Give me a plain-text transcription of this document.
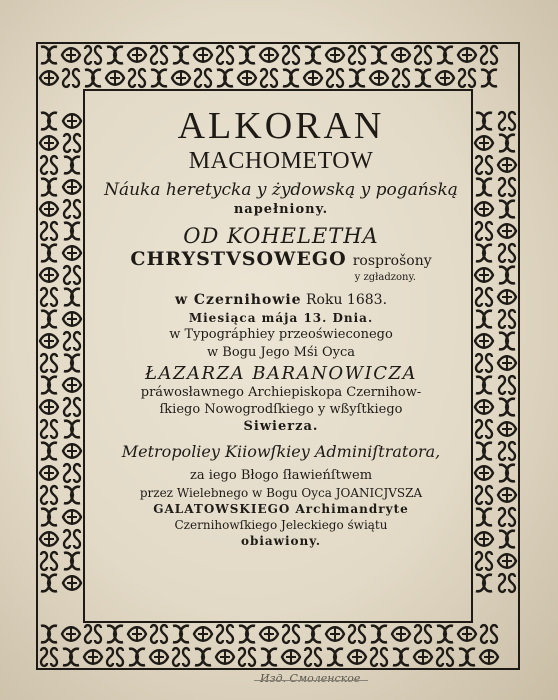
ALKORAN
MACHOMETOW
Náuka heretycka y żydowską y pogańską
napełniony.
OD KOHELETHA
CHRYSTVSOWEGO rosprošony
y zgładzony.
w Czernihowie Roku 1683.
Miesiąca mája 13. Dnia.
w Typográphiey przeoświeconego
w Bogu Jego Mśi Oyca
ŁAZARZA BARANOWICZA
práwosławnego Archiepiskopa Czernihow-
ſkiego Nowogrodſkiego y wßyſtkiego
Siwierza.
Metropoliey Kiiowſkiey Adminiſtratora,
za iego Błogo ſławieńſtwem
przez Wielebnego w Bogu Oyca JOANICJVSZA
GALATOWSKIEGO Archimandryte
Czernihowſkiego Jeleckiego świątu
obiawiony.
Изд. Смоленское
